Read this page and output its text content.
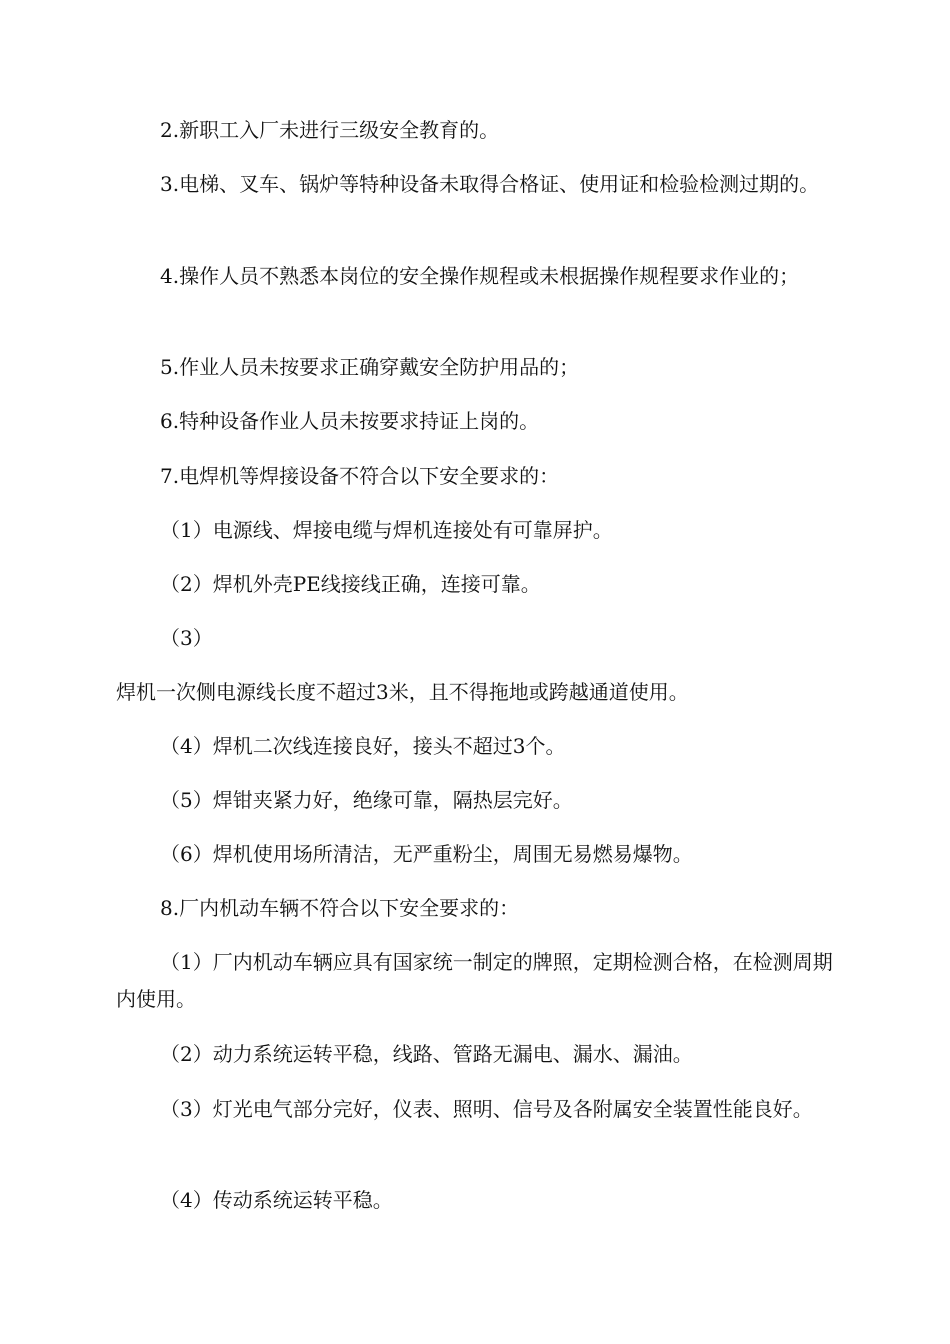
2.新职工入厂未进行三级安全教育的。

3.电梯、叉车、锅炉等特种设备未取得合格证、使用证和检验检测过期的。

4.操作人员不熟悉本岗位的安全操作规程或未根据操作规程要求作业的；

5.作业人员未按要求正确穿戴安全防护用品的；

6.特种设备作业人员未按要求持证上岗的。

7.电焊机等焊接设备不符合以下安全要求的：

（1）电源线、焊接电缆与焊机连接处有可靠屏护。

（2）焊机外壳PE线接线正确，连接可靠。

（3）

焊机一次侧电源线长度不超过3米，且不得拖地或跨越通道使用。

（4）焊机二次线连接良好，接头不超过3个。

（5）焊钳夹紧力好，绝缘可靠，隔热层完好。

（6）焊机使用场所清洁，无严重粉尘，周围无易燃易爆物。

8.厂内机动车辆不符合以下安全要求的：

（1）厂内机动车辆应具有国家统一制定的牌照，定期检测合格，在检测周期内使用。

（2）动力系统运转平稳，线路、管路无漏电、漏水、漏油。

（3）灯光电气部分完好，仪表、照明、信号及各附属安全装置性能良好。

（4）传动系统运转平稳。
